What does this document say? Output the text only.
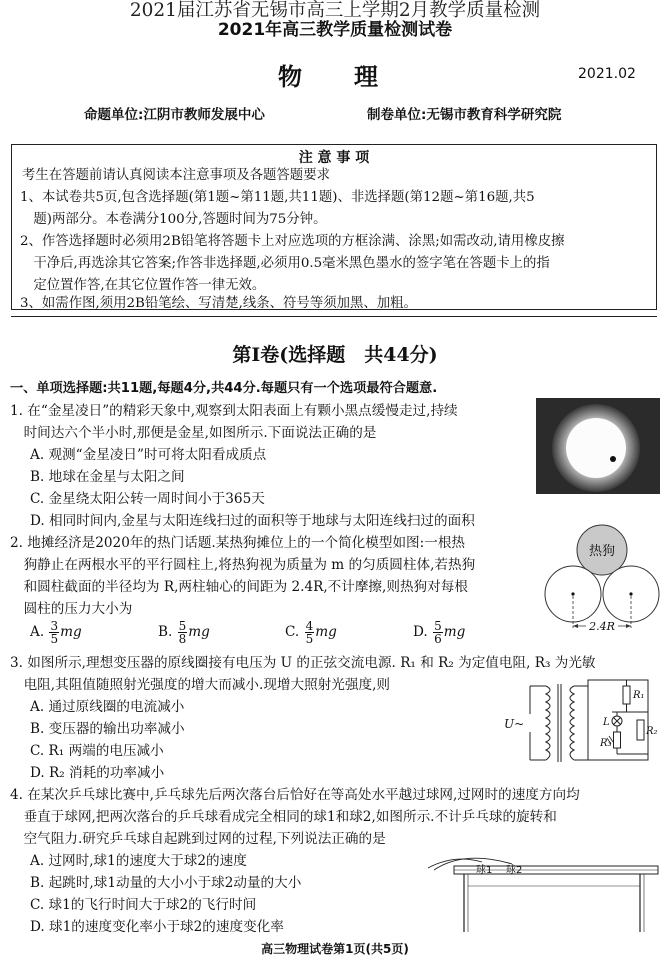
2021届江苏省无锡市高三上学期2月教学质量检测
2021年高三教学质量检测试卷
物　理	2021.02
命题单位:江阴市教师发展中心	制卷单位:无锡市教育科学研究院
注 意 事 项
考生在答题前请认真阅读本注意事项及各题答题要求
1、本试卷共5页,包含选择题(第1题~第11题,共11题)、非选择题(第12题~第16题,共5
　题)两部分。本卷满分100分,答题时间为75分钟。
2、作答选择题时必须用2B铅笔将答题卡上对应选项的方框涂满、涂黑;如需改动,请用橡皮擦
　干净后,再选涂其它答案;作答非选择题,必须用0.5毫米黑色墨水的签字笔在答题卡上的指
　定位置作答,在其它位置作答一律无效。
3、如需作图,须用2B铅笔绘、写清楚,线条、符号等须加黑、加粗。
第Ⅰ卷(选择题　共44分)
一、单项选择题:共11题,每题4分,共44分.每题只有一个选项最符合题意.
1. 在“金星凌日”的精彩天象中,观察到太阳表面上有颗小黑点缓慢走过,持续
　时间达六个半小时,那便是金星,如图所示.下面说法正确的是
A. 观测“金星凌日”时可将太阳看成质点
B. 地球在金星与太阳之间
C. 金星绕太阳公转一周时间小于365天
D. 相同时间内,金星与太阳连线扫过的面积等于地球与太阳连线扫过的面积
2. 地摊经济是2020年的热门话题.某热狗摊位上的一个简化模型如图:一根热
　狗静止在两根水平的平行圆柱上,将热狗视为质量为 m 的匀质圆柱体,若热狗
　和圆柱截面的半径均为 R,两柱轴心的间距为 2.4R,不计摩擦,则热狗对每根
　圆柱的压力大小为
A. $\frac{3}{5}$ mg	B. $\frac{5}{8}$ mg	C. $\frac{4}{5}$ mg	D. $\frac{5}{6}$ mg
热狗
2.4R
3. 如图所示,理想变压器的原线圈接有电压为 U 的正弦交流电源. R₁ 和 R₂ 为定值电阻, R₃ 为光敏
　电阻,其阻值随照射光强度的增大而减小.现增大照射光强度,则
A. 通过原线圈的电流减小
B. 变压器的输出功率减小
C. R₁ 两端的电压减小
D. R₂ 消耗的功率减小
U~
R₁
L
R₃
R₂
4. 在某次乒乓球比赛中,乒乓球先后两次落台后恰好在等高处水平越过球网,过网时的速度方向均
　垂直于球网,把两次落台的乒乓球看成完全相同的球1和球2,如图所示.不计乒乓球的旋转和
　空气阻力.研究乒乓球自起跳到过网的过程,下列说法正确的是
A. 过网时,球1的速度大于球2的速度
B. 起跳时,球1动量的大小小于球2动量的大小
C. 球1的飞行时间大于球2的飞行时间
D. 球1的速度变化率小于球2的速度变化率
球1 球2
高三物理试卷第1页(共5页)
